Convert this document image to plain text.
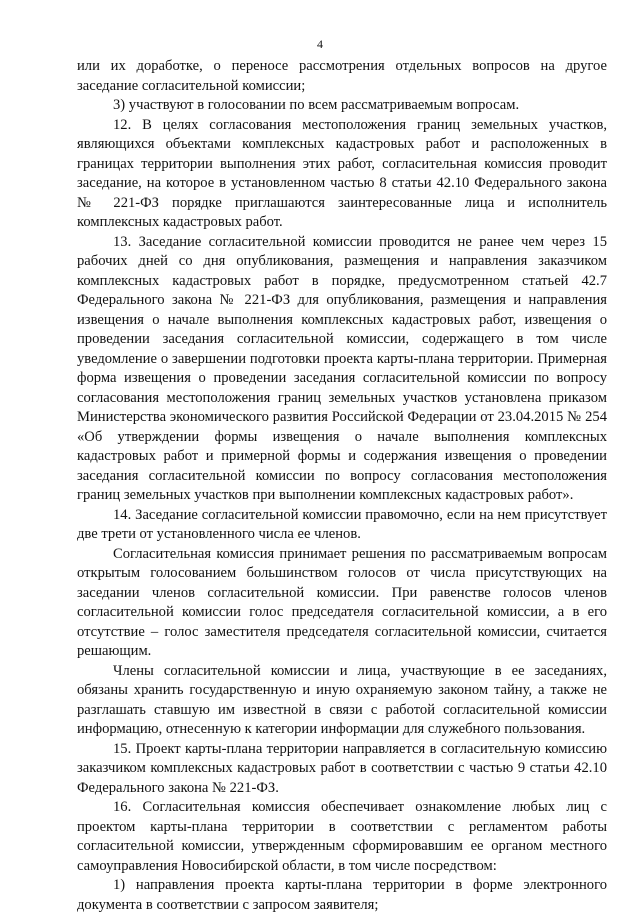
4

или их доработке, о переносе рассмотрения отдельных вопросов на другое заседание согласительной комиссии;

3) участвуют в голосовании по всем рассматриваемым вопросам.

12. В целях согласования местоположения границ земельных участков, являющихся объектами комплексных кадастровых работ и расположенных в границах территории выполнения этих работ, согласительная комиссия проводит заседание, на которое в установленном частью 8 статьи 42.10 Федерального закона № 221-ФЗ порядке приглашаются заинтересованные лица и исполнитель комплексных кадастровых работ.

13. Заседание согласительной комиссии проводится не ранее чем через 15 рабочих дней со дня опубликования, размещения и направления заказчиком комплексных кадастровых работ в порядке, предусмотренном статьей 42.7 Федерального закона № 221-ФЗ для опубликования, размещения и направления извещения о начале выполнения комплексных кадастровых работ, извещения о проведении заседания согласительной комиссии, содержащего в том числе уведомление о завершении подготовки проекта карты-плана территории. Примерная форма извещения о проведении заседания согласительной комиссии по вопросу согласования местоположения границ земельных участков установлена приказом Министерства экономического развития Российской Федерации от 23.04.2015 № 254 «Об утверждении формы извещения о начале выполнения комплексных кадастровых работ и примерной формы и содержания извещения о проведении заседания согласительной комиссии по вопросу согласования местоположения границ земельных участков при выполнении комплексных кадастровых работ».

14. Заседание согласительной комиссии правомочно, если на нем присутствует две трети от установленного числа ее членов.

Согласительная комиссия принимает решения по рассматриваемым вопросам открытым голосованием большинством голосов от числа присутствующих на заседании членов согласительной комиссии. При равенстве голосов членов согласительной комиссии голос председателя согласительной комиссии, а в его отсутствие – голос заместителя председателя согласительной комиссии, считается решающим.

Члены согласительной комиссии и лица, участвующие в ее заседаниях, обязаны хранить государственную и иную охраняемую законом тайну, а также не разглашать ставшую им известной в связи с работой согласительной комиссии информацию, отнесенную к категории информации для служебного пользования.

15. Проект карты-плана территории направляется в согласительную комиссию заказчиком комплексных кадастровых работ в соответствии с частью 9 статьи 42.10 Федерального закона № 221-ФЗ.

16. Согласительная комиссия обеспечивает ознакомление любых лиц с проектом карты-плана территории в соответствии с регламентом работы согласительной комиссии, утвержденным сформировавшим ее органом местного самоуправления Новосибирской области, в том числе посредством:

1) направления проекта карты-плана территории в форме электронного документа в соответствии с запросом заявителя;
